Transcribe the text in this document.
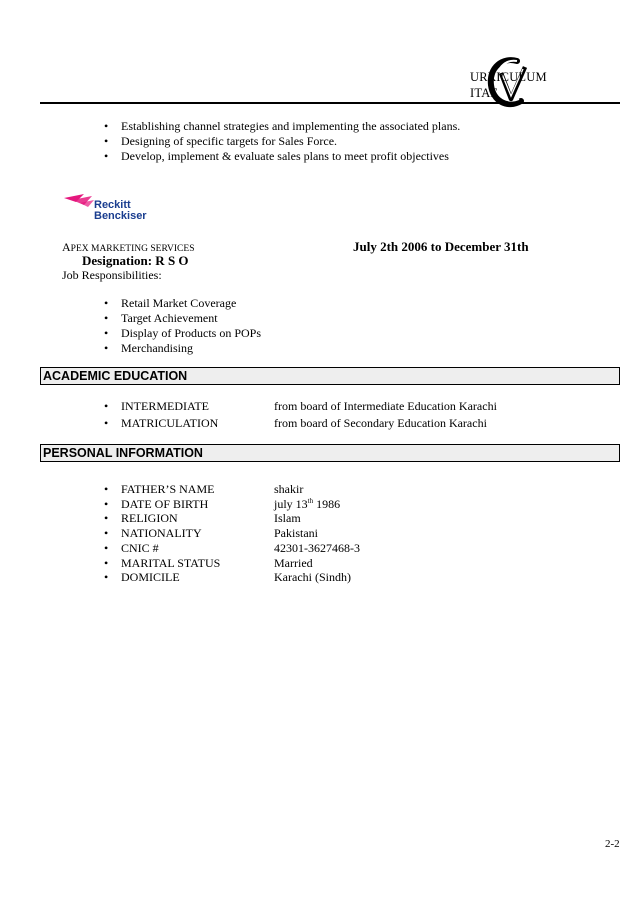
URRICULUM
ITAE
• Establishing channel strategies and implementing the associated plans.
• Designing of specific targets for Sales Force.
• Develop, implement & evaluate sales plans to meet profit objectives
Reckitt
Benckiser
APEX MARKETING SERVICES	July 2th 2006 to December 31th
Designation: R S O
Job Responsibilities:
• Retail Market Coverage
• Target Achievement
• Display of Products on POPs
• Merchandising
ACADEMIC EDUCATION
• INTERMEDIATE	from board of Intermediate Education Karachi
• MATRICULATION	from board of Secondary Education Karachi
PERSONAL INFORMATION
• FATHER’S NAME	shakir
• DATE OF BIRTH	july 13th 1986
• RELIGION	Islam
• NATIONALITY	Pakistani
• CNIC #	42301-3627468-3
• MARITAL STATUS	Married
• DOMICILE	Karachi (Sindh)
2-2
